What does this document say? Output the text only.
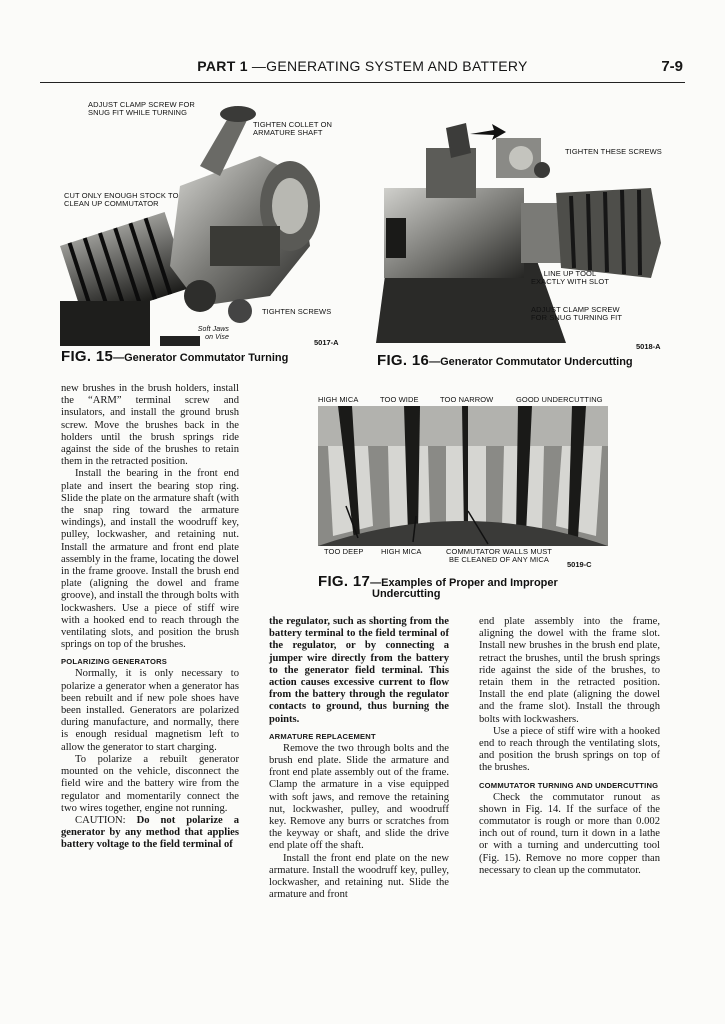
PART 1 —GENERATING SYSTEM AND BATTERY	7-9
ADJUST CLAMP SCREW FOR SNUG FIT WHILE TURNING
TIGHTEN COLLET ON ARMATURE SHAFT
CUT ONLY ENOUGH STOCK TO CLEAN UP COMMUTATOR
TIGHTEN SCREWS
Soft Jaws on Vise
5017-A
FIG. 15—Generator Commutator Turning
TIGHTEN THESE SCREWS
LINE UP TOOL EXACTLY WITH SLOT
ADJUST CLAMP SCREW FOR SNUG TURNING FIT
5018-A
FIG. 16—Generator Commutator Undercutting
HIGH MICA	TOO WIDE	TOO NARROW	GOOD UNDERCUTTING
TOO DEEP HIGH MICA	COMMUTATOR WALLS MUST BE CLEANED OF ANY MICA
5019-C
FIG. 17—Examples of Proper and Improper
Undercutting

new brushes in the brush holders, install the “ARM” terminal screw and insulators, and install the ground brush screw. Move the brushes back in the holders until the brush springs ride against the side of the brushes to retain them in the retracted position.

Install the bearing in the front end plate and insert the bearing stop ring. Slide the plate on the armature shaft (with the snap ring toward the armature windings), and install the woodruff key, pulley, lockwasher, and retaining nut. Install the armature and front end plate assembly in the frame, locating the dowel in the frame groove. Install the brush end plate (aligning the dowel and frame groove), and install the through bolts with lockwashers. Use a piece of stiff wire with a hooked end to reach through the ventilating slots, and position the brush springs on top of the brushes.

POLARIZING GENERATORS

Normally, it is only necessary to polarize a generator when a generator has been rebuilt and if new pole shoes have been installed. Generators are polarized during manufacture, and normally, there is enough residual magnetism left to allow the generator to start charging.

To polarize a rebuilt generator mounted on the vehicle, disconnect the field wire and the battery wire from the regulator and momentarily connect the two wires together, engine not running.

CAUTION: Do not polarize a generator by any method that applies battery voltage to the field terminal of

the regulator, such as shorting from the battery terminal to the field terminal of the regulator, or by connecting a jumper wire directly from the battery to the generator field terminal. This action causes excessive current to flow from the battery through the regulator contacts to ground, thus burning the points.

ARMATURE REPLACEMENT

Remove the two through bolts and the brush end plate. Slide the armature and front end plate assembly out of the frame. Clamp the armature in a vise equipped with soft jaws, and remove the retaining nut, lockwasher, pulley, and woodruff key. Remove any burrs or scratches from the keyway or shaft, and slide the drive end plate off the shaft.

Install the front end plate on the new armature. Install the woodruff key, pulley, lockwasher, and retaining nut. Slide the armature and front

end plate assembly into the frame, aligning the dowel with the frame slot. Install new brushes in the brush end plate, retract the brushes, until the brush springs ride against the side of the brushes, to retain them in the retracted position. Install the end plate (aligning the dowel and the frame slot). Install the through bolts with lockwashers.

Use a piece of stiff wire with a hooked end to reach through the ventilating slots, and position the brush springs on top of the brushes.

COMMUTATOR TURNING AND UNDERCUTTING

Check the commutator runout as shown in Fig. 14. If the surface of the commutator is rough or more than 0.002 inch out of round, turn it down in a lathe or with a turning and undercutting tool (Fig. 15). Remove no more copper than necessary to clean up the commutator.
